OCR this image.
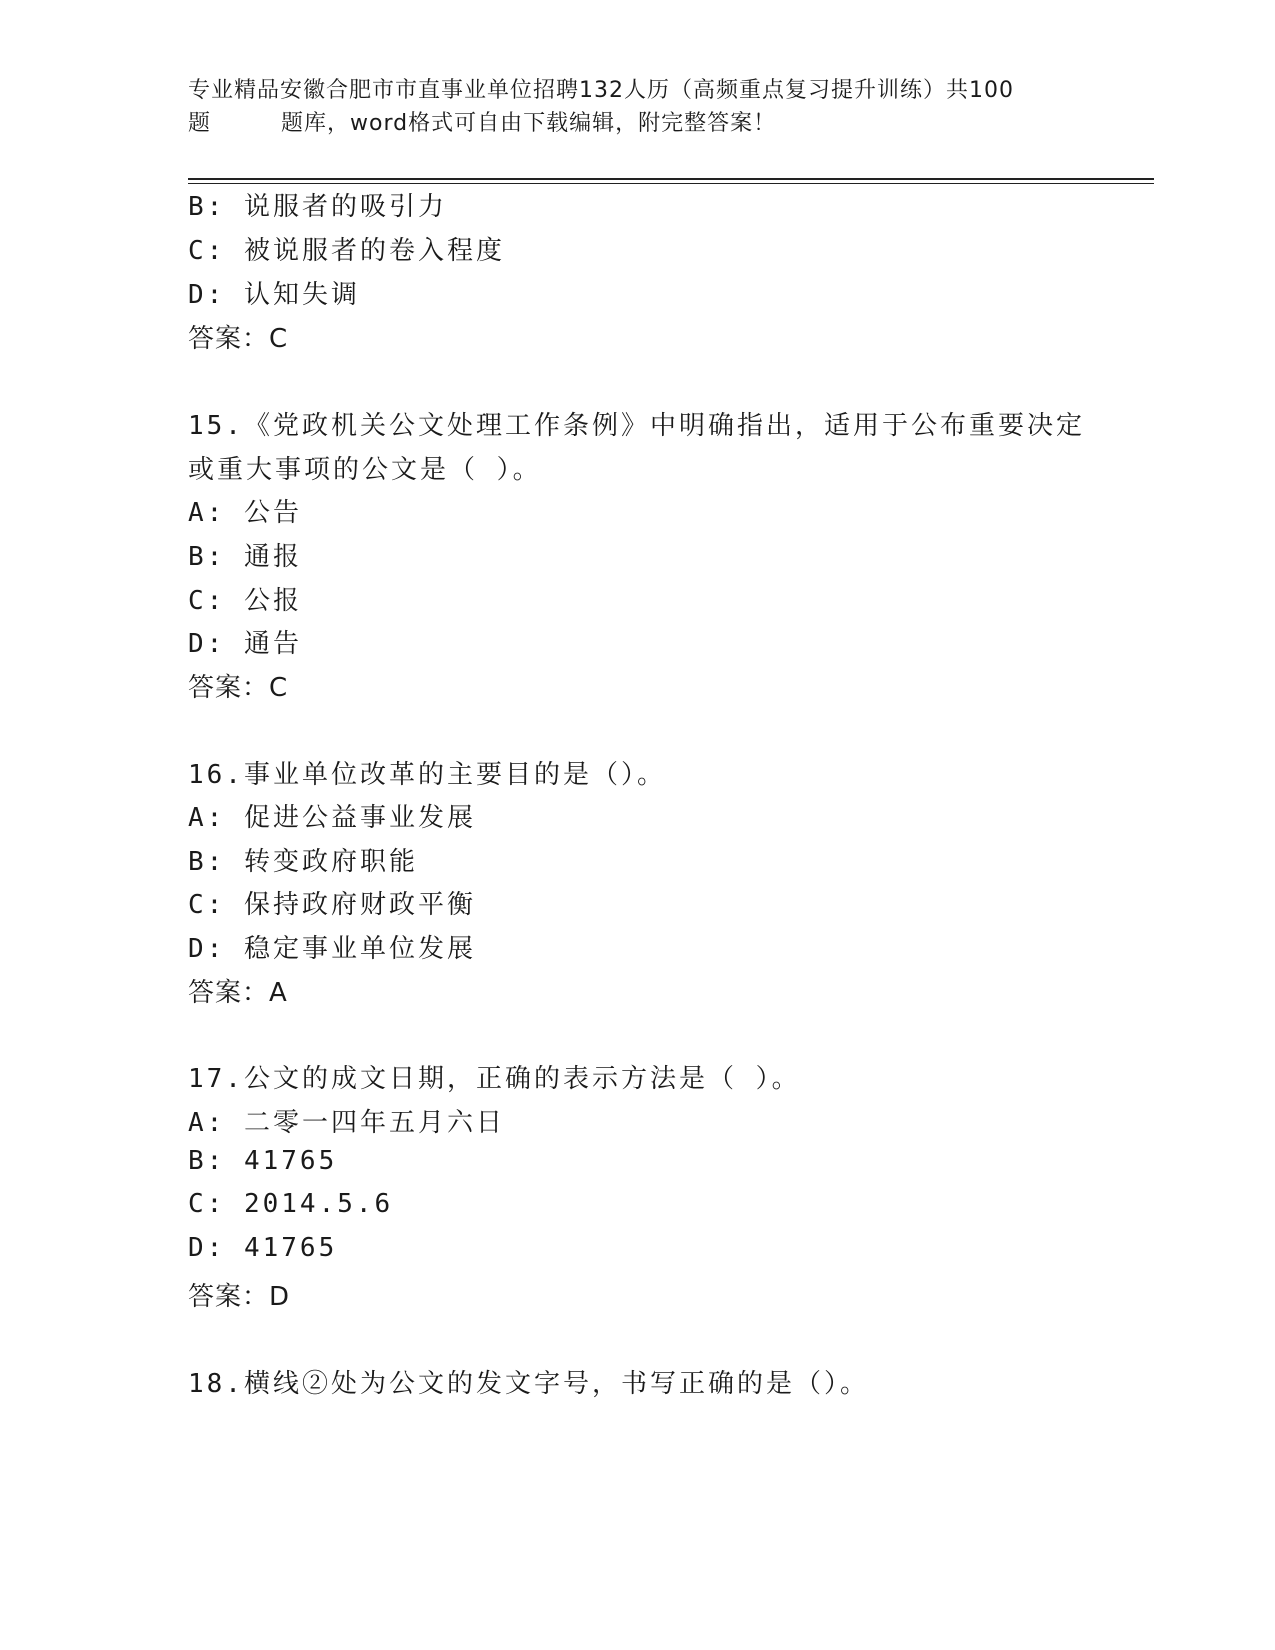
专业精品安徽合肥市市直事业单位招聘132人历（高频重点复习提升训练）共100
题	题库，word格式可自由下载编辑，附完整答案！
B: 说服者的吸引力
C: 被说服者的卷入程度
D: 认知失调
答案：C
15.《党政机关公文处理工作条例》中明确指出，适用于公布重要决定
或重大事项的公文是（ ）。
A: 公告
B: 通报
C: 公报
D: 通告
答案：C
16.事业单位改革的主要目的是（）。
A: 促进公益事业发展
B: 转变政府职能
C: 保持政府财政平衡
D: 稳定事业单位发展
答案：A
17.公文的成文日期，正确的表示方法是（ ）。
A: 二零一四年五月六日
B: 41765
C: 2014.5.6
D: 41765
答案：D
18.横线②处为公文的发文字号，书写正确的是（）。
